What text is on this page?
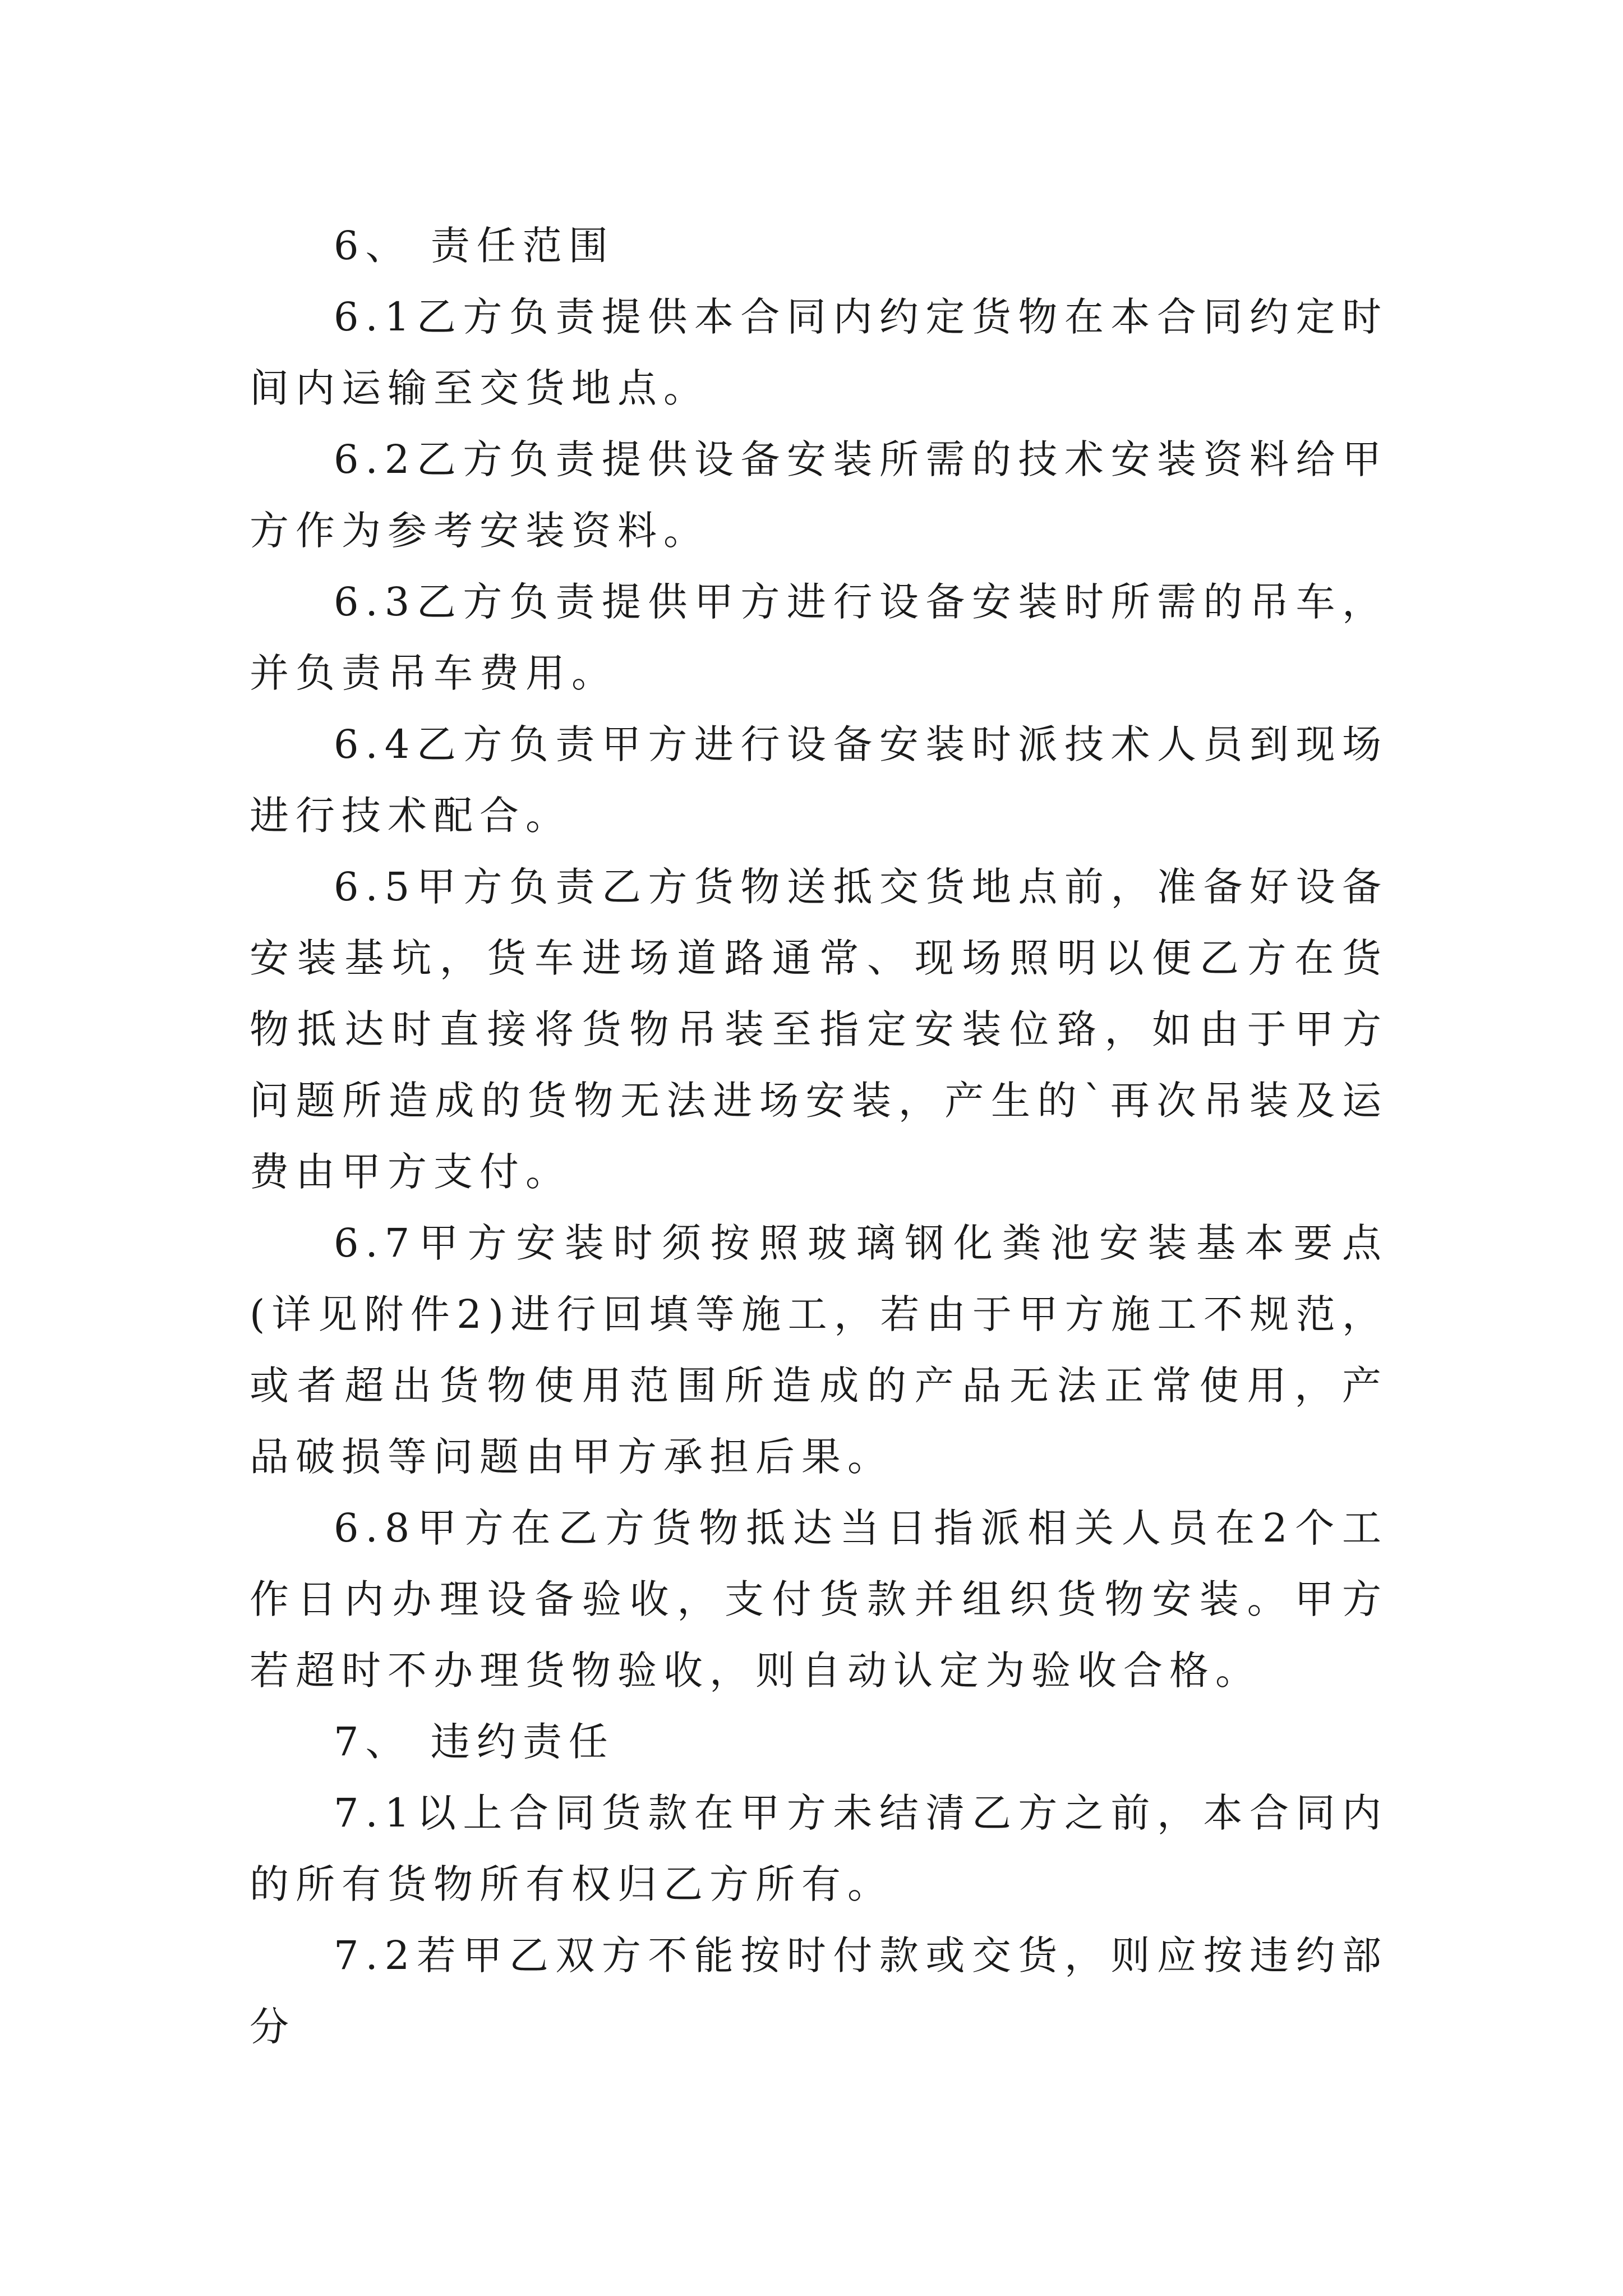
6、 责任范围

6.1乙方负责提供本合同内约定货物在本合同约定时间内运输至交货地点。

6.2乙方负责提供设备安装所需的技术安装资料给甲方作为参考安装资料。

6.3乙方负责提供甲方进行设备安装时所需的吊车，并负责吊车费用。

6.4乙方负责甲方进行设备安装时派技术人员到现场进行技术配合。

6.5甲方负责乙方货物送抵交货地点前，准备好设备安装基坑，货车进场道路通常、现场照明以便乙方在货物抵达时直接将货物吊装至指定安装位臵，如由于甲方问题所造成的货物无法进场安装，产生的`再次吊装及运费由甲方支付。

6.7甲方安装时须按照玻璃钢化粪池安装基本要点(详见附件2)进行回填等施工，若由于甲方施工不规范，或者超出货物使用范围所造成的产品无法正常使用，产品破损等问题由甲方承担后果。

6.8甲方在乙方货物抵达当日指派相关人员在2个工作日内办理设备验收，支付货款并组织货物安装。甲方若超时不办理货物验收，则自动认定为验收合格。

7、 违约责任

7.1以上合同货款在甲方未结清乙方之前，本合同内的所有货物所有权归乙方所有。

7.2若甲乙双方不能按时付款或交货，则应按违约部分
